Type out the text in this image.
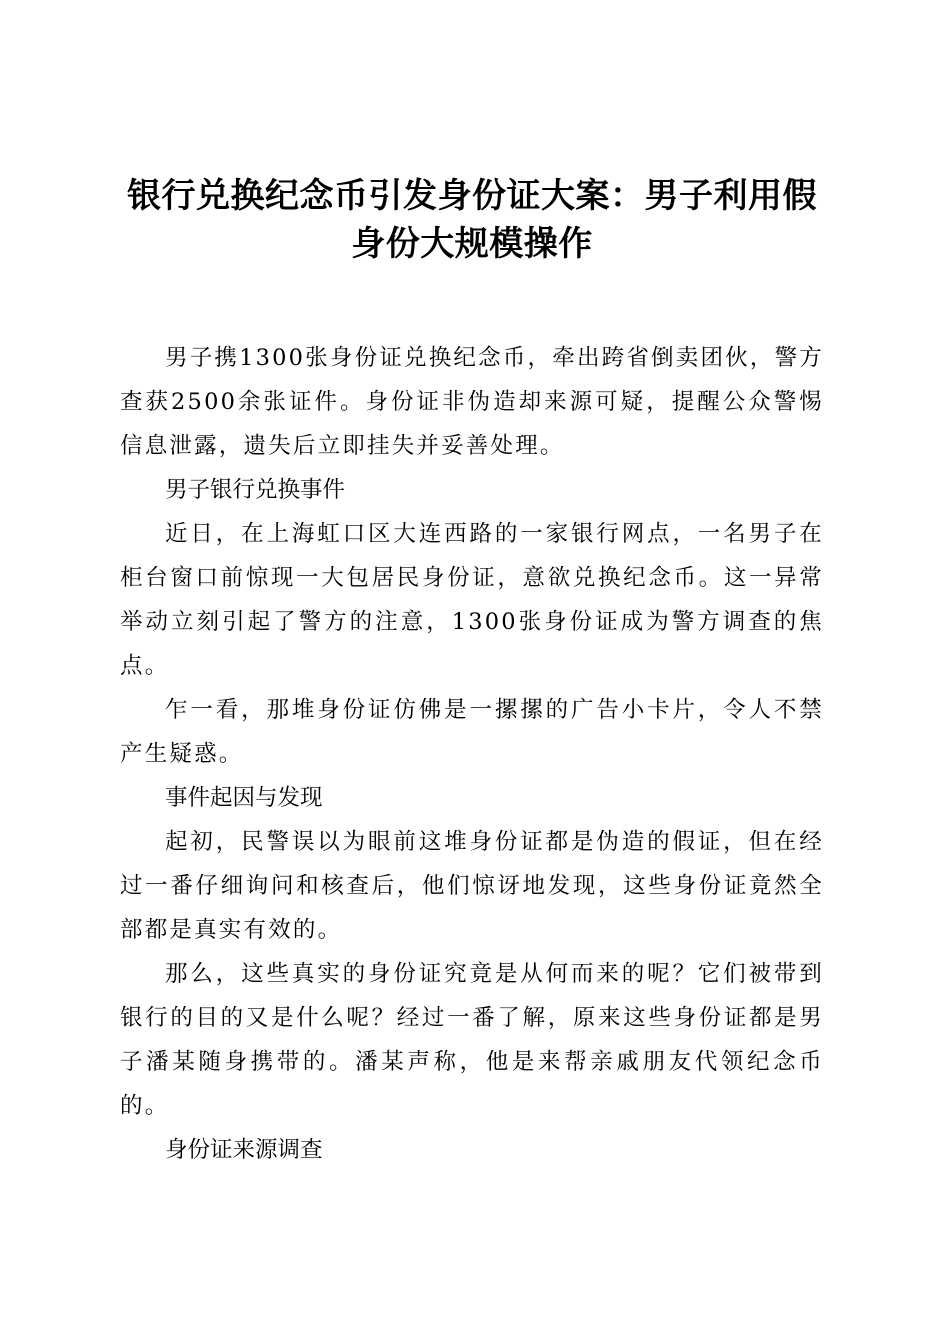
银行兑换纪念币引发身份证大案：男子利用假身份大规模操作

男子携1300张身份证兑换纪念币，牵出跨省倒卖团伙，警方查获2500余张证件。身份证非伪造却来源可疑，提醒公众警惕信息泄露，遗失后立即挂失并妥善处理。

男子银行兑换事件

近日，在上海虹口区大连西路的一家银行网点，一名男子在柜台窗口前惊现一大包居民身份证，意欲兑换纪念币。这一异常举动立刻引起了警方的注意，1300张身份证成为警方调查的焦点。

乍一看，那堆身份证仿佛是一摞摞的广告小卡片，令人不禁产生疑惑。

事件起因与发现

起初，民警误以为眼前这堆身份证都是伪造的假证，但在经过一番仔细询问和核查后，他们惊讶地发现，这些身份证竟然全部都是真实有效的。

那么，这些真实的身份证究竟是从何而来的呢？它们被带到银行的目的又是什么呢？经过一番了解，原来这些身份证都是男子潘某随身携带的。潘某声称，他是来帮亲戚朋友代领纪念币的。

身份证来源调查
